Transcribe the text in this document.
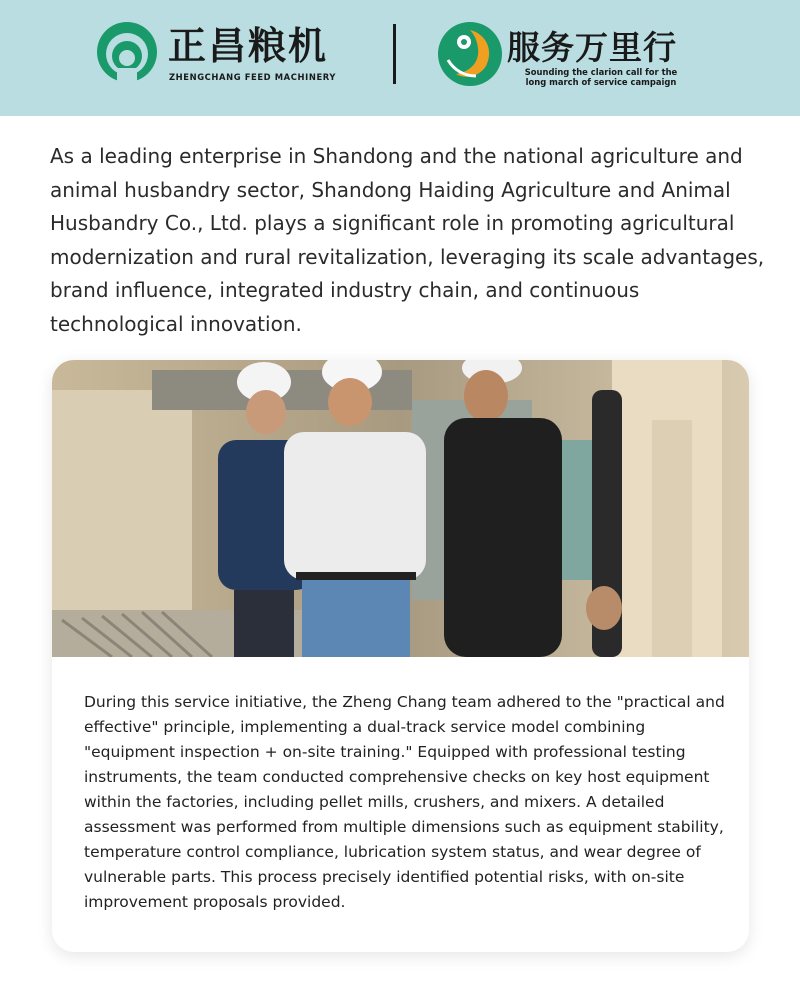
正昌粮机
ZHENGCHANG FEED MACHINERY
服务万里行
Sounding the clarion call for the long march of service campaign

As a leading enterprise in Shandong and the national agriculture and animal husbandry sector, Shandong Haiding Agriculture and Animal Husbandry Co., Ltd. plays a significant role in promoting agricultural modernization and rural revitalization, leveraging its scale advantages, brand influence, integrated industry chain, and continuous technological innovation.

During this service initiative, the Zheng Chang team adhered to the "practical and effective" principle, implementing a dual-track service model combining "equipment inspection + on-site training." Equipped with professional testing instruments, the team conducted comprehensive checks on key host equipment within the factories, including pellet mills, crushers, and mixers. A detailed assessment was performed from multiple dimensions such as equipment stability, temperature control compliance, lubrication system status, and wear degree of vulnerable parts. This process precisely identified potential risks, with on-site improvement proposals provided.
